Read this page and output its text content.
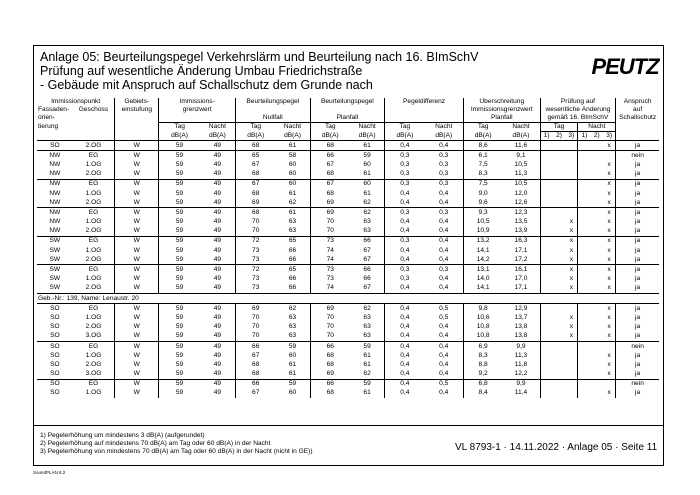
Anlage 05: Beurteilungspegel Verkehrslärm und Beurteilung nach 16. BImSchV
Prüfung auf wesentliche Änderung Umbau Friedrichstraße
- Gebäude mit Anspruch auf Schallschutz dem Grunde nach
PEUTZ
Immissionspunkt		Gebiets-	Immissions-		Beurteilungspegel		Beurteilungspegel		Pegeldifferenz		Überschreitung		Prüfung auf						Anspruch
Fassaden-	Geschoss	einstufung	grenzwert								Immissionsgrenzwert		wesentliche Änderung						auf
orien-					Nullfall		Planfall				Planfall		gemäß 16. BImSchV						Schallschutz
tierung			Tag	Nacht	Tag	Nacht	Tag	Nacht	Tag	Nacht	Tag	Nacht	Tag			Nacht			
			dB(A)	dB(A)	dB(A)	dB(A)	dB(A)	dB(A)	dB(A)	dB(A)	dB(A)	dB(A)	1)	2)	3)	1)	2)	3)	
SO	2.OG	W	59	49	68	61	68	61	0,4	0,4	8,6	11,6						x	ja
NW	EG	W	59	49	65	58	66	59	0,3	0,3	6,1	9,1							nein
NW	1.OG	W	59	49	67	60	67	60	0,3	0,3	7,5	10,5						x	ja
NW	2.OG	W	59	49	68	60	68	61	0,3	0,3	8,3	11,3						x	ja
NW	EG	W	59	49	67	60	67	60	0,3	0,3	7,5	10,5						x	ja
NW	1.OG	W	59	49	68	61	68	61	0,4	0,4	9,0	12,0						x	ja
NW	2.OG	W	59	49	69	62	69	62	0,4	0,4	9,6	12,6						x	ja
NW	EG	W	59	49	68	61	69	62	0,3	0,3	9,3	12,3						x	ja
NW	1.OG	W	59	49	70	63	70	63	0,4	0,4	10,5	13,5			x			x	ja
NW	2.OG	W	59	49	70	63	70	63	0,4	0,4	10,9	13,9			x			x	ja
SW	EG	W	59	49	72	65	73	66	0,3	0,4	13,2	16,3			x			x	ja
SW	1.OG	W	59	49	73	66	74	67	0,4	0,4	14,1	17,1			x			x	ja
SW	2.OG	W	59	49	73	66	74	67	0,4	0,4	14,2	17,2			x			x	ja
SW	EG	W	59	49	72	65	73	66	0,3	0,3	13,1	16,1			x			x	ja
SW	1.OG	W	59	49	73	66	73	66	0,3	0,4	14,0	17,0			x			x	ja
SW	2.OG	W	59	49	73	66	74	67	0,4	0,4	14,1	17,1			x			x	ja
Geb.-Nr.: 139, Name: Lenaustr. 20																			
SO	EG	W	59	49	69	62	69	62	0,4	0,5	9,8	12,9						x	ja
SO	1.OG	W	59	49	70	63	70	63	0,4	0,5	10,6	13,7			x			x	ja
SO	2.OG	W	59	49	70	63	70	63	0,4	0,4	10,8	13,8			x			x	ja
SO	3.OG	W	59	49	70	63	70	63	0,4	0,4	10,8	13,8			x			x	ja
SO	EG	W	59	49	66	59	66	59	0,4	0,4	6,9	9,9							nein
SO	1.OG	W	59	49	67	60	68	61	0,4	0,4	8,3	11,3						x	ja
SO	2.OG	W	59	49	68	61	68	61	0,4	0,4	8,8	11,8						x	ja
SO	3.OG	W	59	49	68	61	69	62	0,4	0,4	9,2	12,2						x	ja
SO	EG	W	59	49	66	59	66	59	0,4	0,5	6,8	9,9							nein
SO	1.OG	W	59	49	67	60	68	61	0,4	0,4	8,4	11,4						x	ja
1) Pegelerhöhung um mindestens 3 dB(A) (aufgerundet)
2) Pegelerhöhung auf mindestens 70 dB(A) am Tag oder 60 dB(A) in der Nacht
3) Pegelerhöhung von mindestens 70 dB(A) am Tag oder 60 dB(A) in der Nacht (nicht in GE))	VL 8793-1 · 14.11.2022 · Anlage 05 · Seite 11
SoundPLAN 8.2
